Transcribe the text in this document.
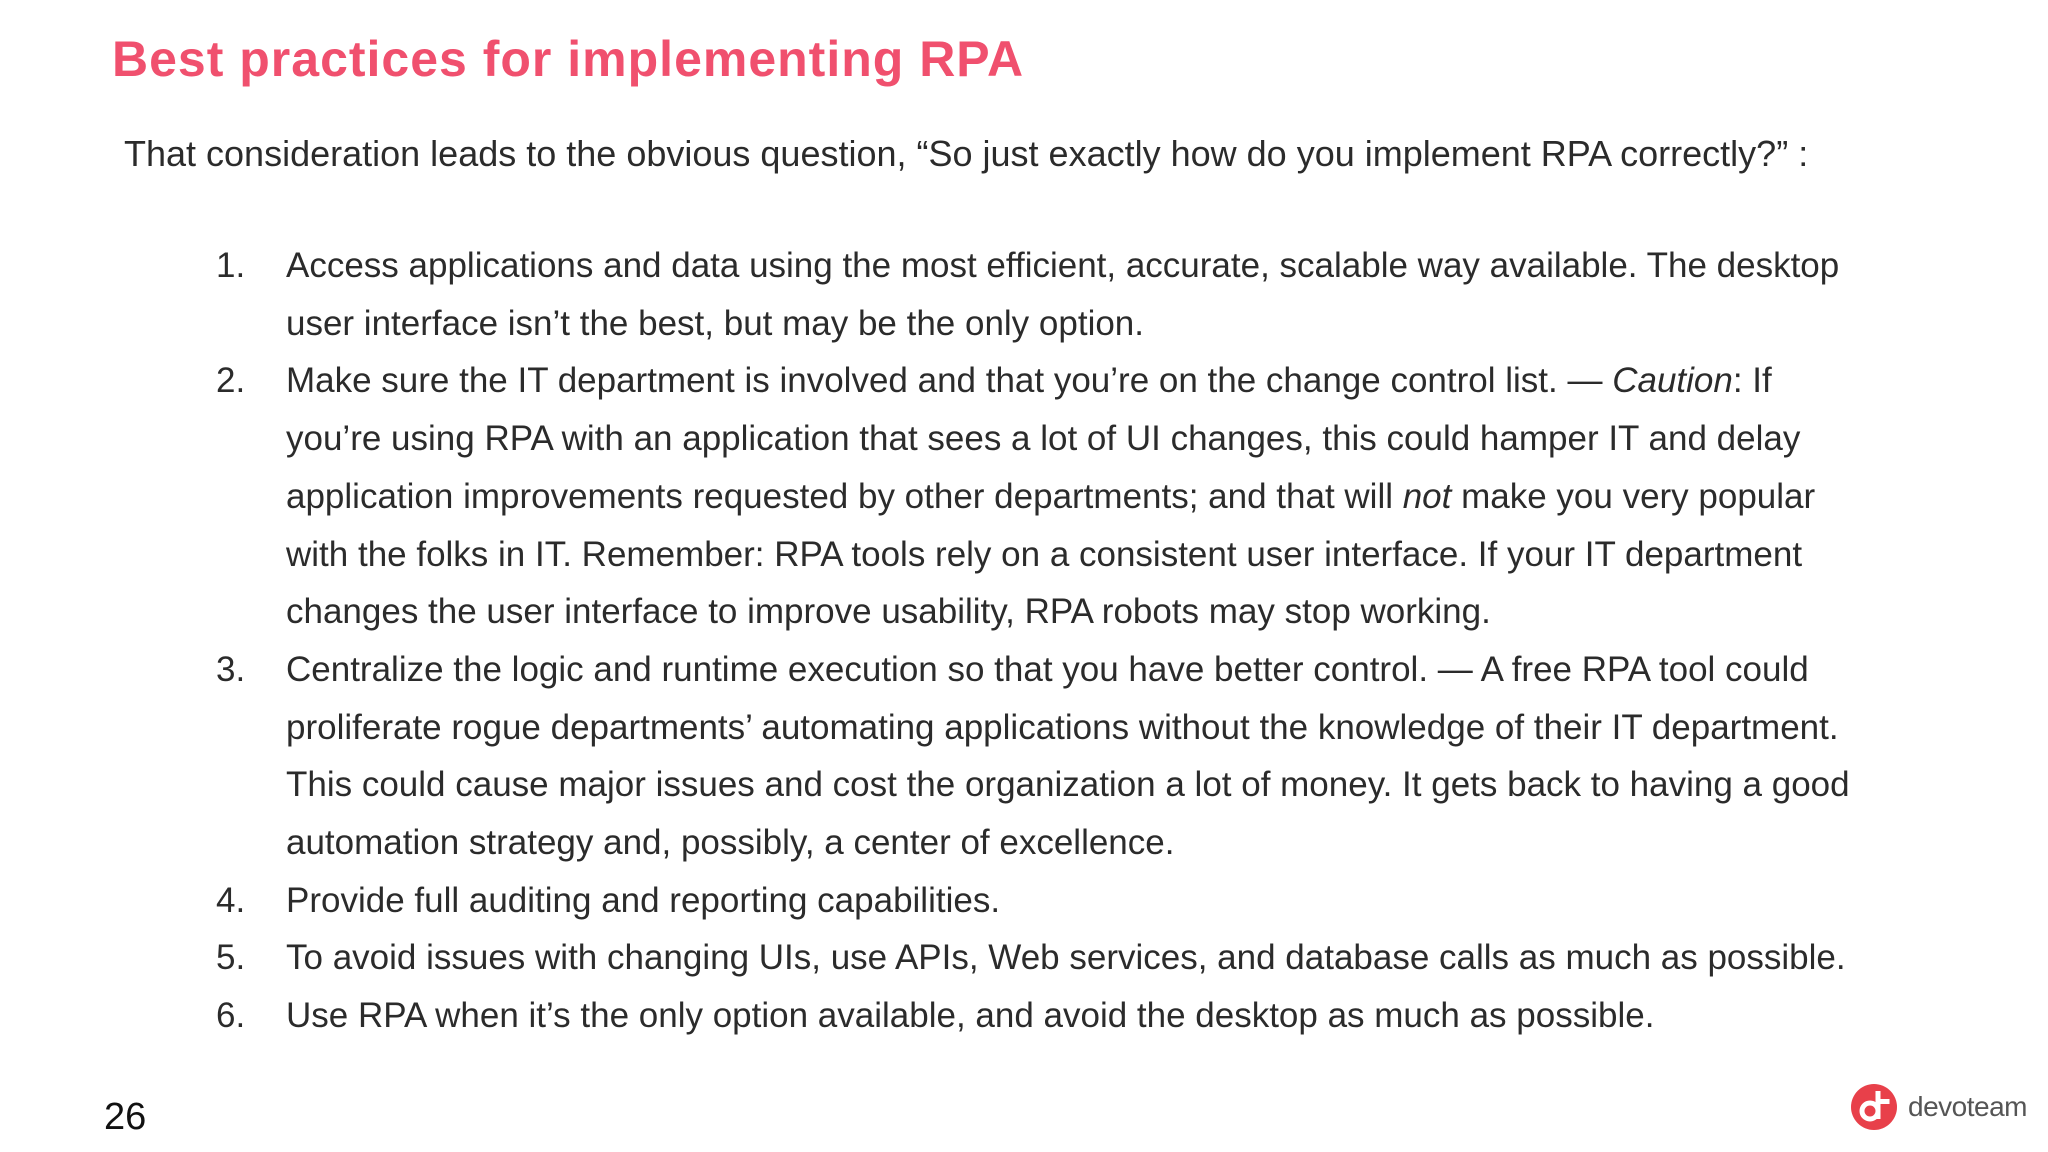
Best practices for implementing RPA

That consideration leads to the obvious question, “So just exactly how do you implement RPA correctly?” :

1. Access applications and data using the most efficient, accurate, scalable way available. The desktop user interface isn’t the best, but may be the only option.
2. Make sure the IT department is involved and that you’re on the change control list. — Caution: If you’re using RPA with an application that sees a lot of UI changes, this could hamper IT and delay application improvements requested by other departments; and that will not make you very popular with the folks in IT. Remember: RPA tools rely on a consistent user interface. If your IT department changes the user interface to improve usability, RPA robots may stop working.
3. Centralize the logic and runtime execution so that you have better control. — A free RPA tool could proliferate rogue departments’ automating applications without the knowledge of their IT department. This could cause major issues and cost the organization a lot of money. It gets back to having a good automation strategy and, possibly, a center of excellence.
4. Provide full auditing and reporting capabilities.
5. To avoid issues with changing UIs, use APIs, Web services, and database calls as much as possible.
6. Use RPA when it’s the only option available, and avoid the desktop as much as possible.
26	devoteam
